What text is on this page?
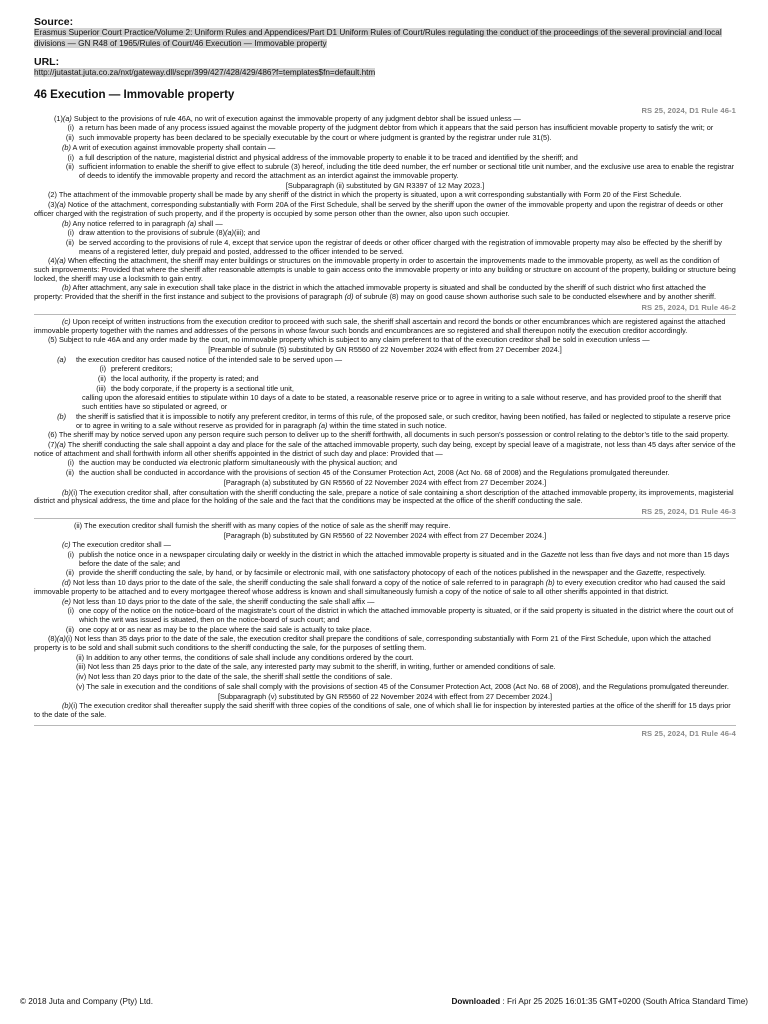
Source:
Erasmus Superior Court Practice/Volume 2: Uniform Rules and Appendices/Part D1 Uniform Rules of Court/Rules regulating the conduct of the proceedings of the several provincial and local divisions — GN R48 of 1965/Rules of Court/46 Execution — Immovable property
URL:
http://jutastat.juta.co.za/nxt/gateway.dll/scpr/399/427/428/429/486?f=templates$fn=default.htm
46 Execution — Immovable property
RS 25, 2024, D1 Rule 46-1

(1)(a) Subject to the provisions of rule 46A, no writ of execution against the immovable property of any judgment debtor shall be issued unless —

(i) a return has been made of any process issued against the movable property of the judgment debtor from which it appears that the said person has insufficient movable property to satisfy the writ; or
(ii) such immovable property has been declared to be specially executable by the court or where judgment is granted by the registrar under rule 31(5).

(b) A writ of execution against immovable property shall contain —

(i) a full description of the nature, magisterial district and physical address of the immovable property to enable it to be traced and identified by the sheriff; and
(ii) sufficient information to enable the sheriff to give effect to subrule (3) hereof, including the title deed number, the erf number or sectional title unit number, and the exclusive use area to enable the registrar of deeds to identify the immovable property and record the attachment as an interdict against the immovable property.
[Subparagraph (ii) substituted by GN R3397 of 12 May 2023.]

(2) The attachment of the immovable property shall be made by any sheriff of the district in which the property is situated, upon a writ corresponding substantially with Form 20 of the First Schedule.

(3)(a) Notice of the attachment, corresponding substantially with Form 20A of the First Schedule, shall be served by the sheriff upon the owner of the immovable property and upon the registrar of deeds or other officer charged with the registration of such property, and if the property is occupied by some person other than the owner, also upon such occupier.

(b) Any notice referred to in paragraph (a) shall —

(i) draw attention to the provisions of subrule (8)(a)(iii); and
(ii) be served according to the provisions of rule 4, except that service upon the registrar of deeds or other officer charged with the registration of immovable property may also be effected by the sheriff by means of a registered letter, duly prepaid and posted, addressed to the officer intended to be served.

(4)(a) When effecting the attachment, the sheriff may enter buildings or structures on the immovable property in order to ascertain the improvements made to the immovable property, as well as the condition of such improvements: Provided that where the sheriff after reasonable attempts is unable to gain access onto the immovable property or into any building or structure on account of the property, building or structure being locked, the sheriff may use a locksmith to gain entry.

(b) After attachment, any sale in execution shall take place in the district in which the attached immovable property is situated and shall be conducted by the sheriff of such district who first attached the property: Provided that the sheriff in the first instance and subject to the provisions of paragraph (d) of subrule (8) may on good cause shown authorise such sale to be conducted elsewhere and by another sheriff.

RS 25, 2024, D1 Rule 46-2

(c) Upon receipt of written instructions from the execution creditor to proceed with such sale, the sheriff shall ascertain and record the bonds or other encumbrances which are registered against the attached immovable property together with the names and addresses of the persons in whose favour such bonds and encumbrances are so registered and shall thereupon notify the execution creditor accordingly.

(5) Subject to rule 46A and any order made by the court, no immovable property which is subject to any claim preferent to that of the execution creditor shall be sold in execution unless —

[Preamble of subrule (5) substituted by GN R5560 of 22 November 2024 with effect from 27 December 2024.]
(a) the execution creditor has caused notice of the intended sale to be served upon —
(i) preferent creditors;
(ii) the local authority, if the property is rated; and
(iii) the body corporate, if the property is a sectional title unit,

calling upon the aforesaid entities to stipulate within 10 days of a date to be stated, a reasonable reserve price or to agree in writing to a sale without reserve, and has provided proof to the sheriff that such entities have so stipulated or agreed, or

(b) the sheriff is satisfied that it is impossible to notify any preferent creditor, in terms of this rule, of the proposed sale, or such creditor, having been notified, has failed or neglected to stipulate a reserve price or to agree in writing to a sale without reserve as provided for in paragraph (a) within the time stated in such notice.

(6) The sheriff may by notice served upon any person require such person to deliver up to the sheriff forthwith, all documents in such person’s possession or control relating to the debtor’s title to the said property.

(7)(a) The sheriff conducting the sale shall appoint a day and place for the sale of the attached immovable property, such day being, except by special leave of a magistrate, not less than 45 days after service of the notice of attachment and shall forthwith inform all other sheriffs appointed in the district of such day and place: Provided that —

(i) the auction may be conducted via electronic platform simultaneously with the physical auction; and
(ii) the auction shall be conducted in accordance with the provisions of section 45 of the Consumer Protection Act, 2008 (Act No. 68 of 2008) and the Regulations promulgated thereunder.
[Paragraph (a) substituted by GN R5560 of 22 November 2024 with effect from 27 December 2024.]

(b)(i) The execution creditor shall, after consultation with the sheriff conducting the sale, prepare a notice of sale containing a short description of the attached immovable property, its improvements, magisterial district and physical address, the time and place for the holding of the sale and the fact that the conditions may be inspected at the office of the sheriff conducting the sale.

RS 25, 2024, D1 Rule 46-3

(ii) The execution creditor shall furnish the sheriff with as many copies of the notice of sale as the sheriff may require.

[Paragraph (b) substituted by GN R5560 of 22 November 2024 with effect from 27 December 2024.]

(c) The execution creditor shall —

(i) publish the notice once in a newspaper circulating daily or weekly in the district in which the attached immovable property is situated and in the Gazette not less than five days and not more than 15 days before the date of the sale; and
(ii) provide the sheriff conducting the sale, by hand, or by facsimile or electronic mail, with one satisfactory photocopy of each of the notices published in the newspaper and the Gazette, respectively.

(d) Not less than 10 days prior to the date of the sale, the sheriff conducting the sale shall forward a copy of the notice of sale referred to in paragraph (b) to every execution creditor who had caused the said immovable property to be attached and to every mortgagee thereof whose address is known and shall simultaneously furnish a copy of the notice of sale to all other sheriffs appointed in that district.

(e) Not less than 10 days prior to the date of the sale, the sheriff conducting the sale shall affix —

(i) one copy of the notice on the notice-board of the magistrate’s court of the district in which the attached immovable property is situated, or if the said property is situated in the district where the court out of which the writ was issued is situated, then on the notice-board of such court; and
(ii) one copy at or as near as may be to the place where the said sale is actually to take place.

(8)(a)(i) Not less than 35 days prior to the date of the sale, the execution creditor shall prepare the conditions of sale, corresponding substantially with Form 21 of the First Schedule, upon which the attached property is to be sold and shall submit such conditions to the sheriff conducting the sale, for the purposes of settling them.

(ii) In addition to any other terms, the conditions of sale shall include any conditions ordered by the court.

(iii) Not less than 25 days prior to the date of the sale, any interested party may submit to the sheriff, in writing, further or amended conditions of sale.

(iv) Not less than 20 days prior to the date of the sale, the sheriff shall settle the conditions of sale.

(v) The sale in execution and the conditions of sale shall comply with the provisions of section 45 of the Consumer Protection Act, 2008 (Act No. 68 of 2008), and the Regulations promulgated thereunder.

[Subparagraph (v) substituted by GN R5560 of 22 November 2024 with effect from 27 December 2024.]

(b)(i) The execution creditor shall thereafter supply the said sheriff with three copies of the conditions of sale, one of which shall lie for inspection by interested parties at the office of the sheriff for 15 days prior to the date of the sale.

RS 25, 2024, D1 Rule 46-4
© 2018 Juta and Company (Pty) Ltd.	Downloaded : Fri Apr 25 2025 16:01:35 GMT+0200 (South Africa Standard Time)
